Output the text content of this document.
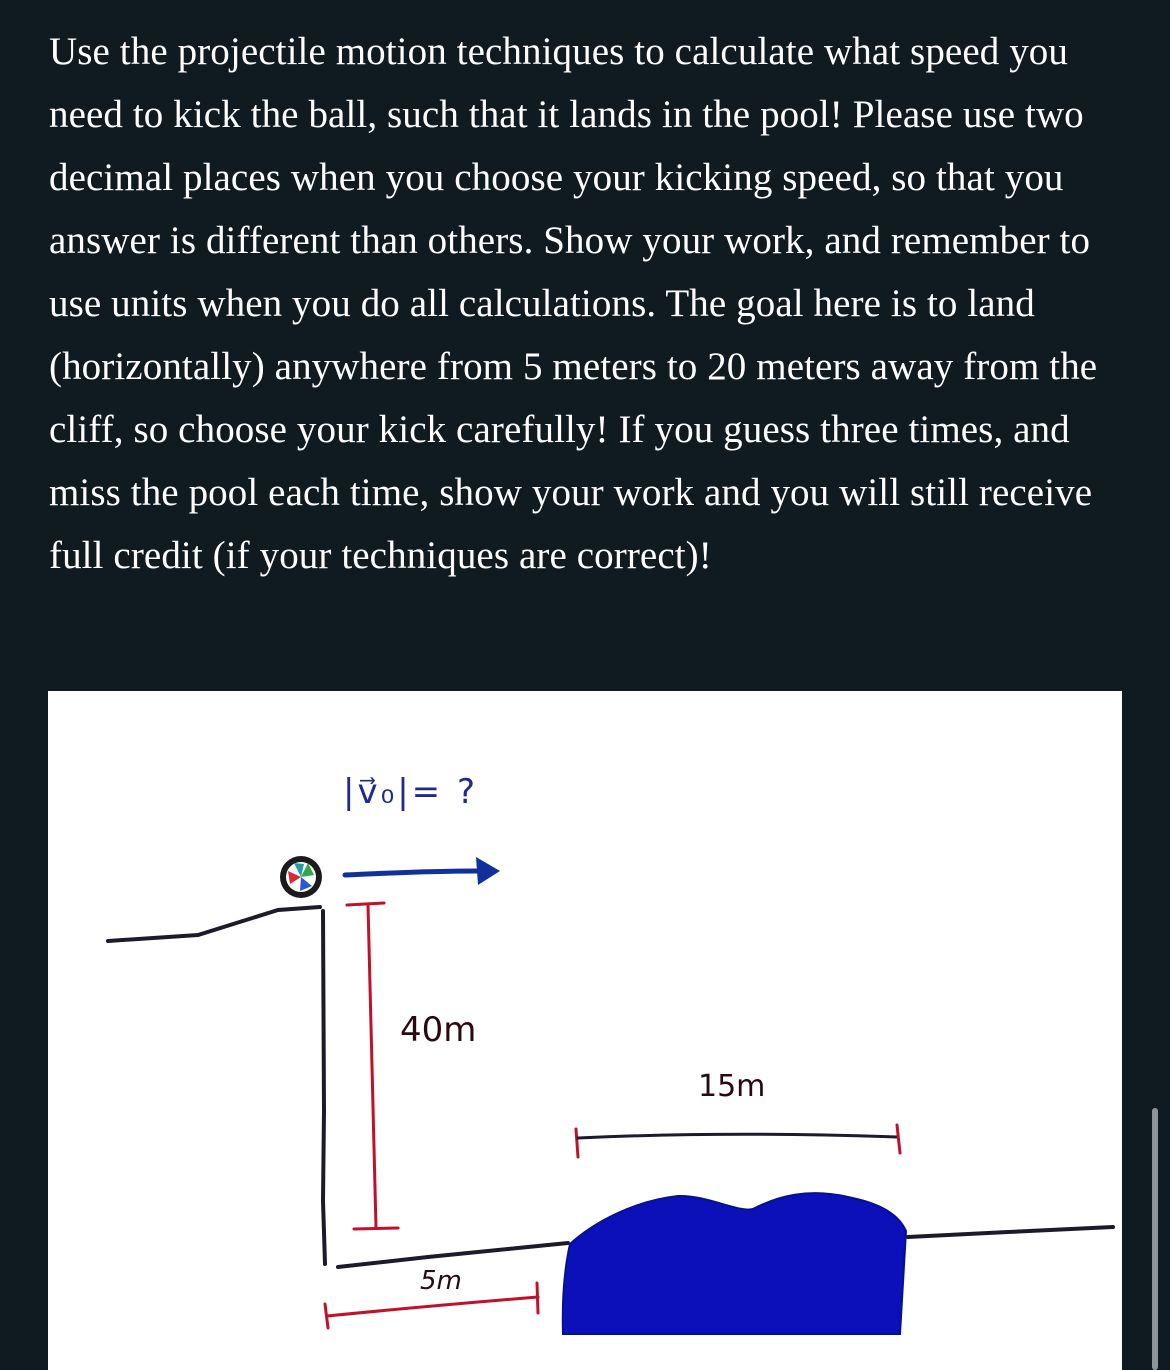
Use the projectile motion techniques to calculate what speed you need to kick the ball, such that it lands in the pool! Please use two decimal places when you choose your kicking speed, so that you answer is different than others. Show your work, and remember to use units when you do all calculations. The goal here is to land (horizontally) anywhere from 5 meters to 20 meters away from the cliff, so choose your kick carefully! If you guess three times, and miss the pool each time, show your work and you will still receive full credit (if your techniques are correct)!

|v⃗₀|= ?
40m
5m
15m
